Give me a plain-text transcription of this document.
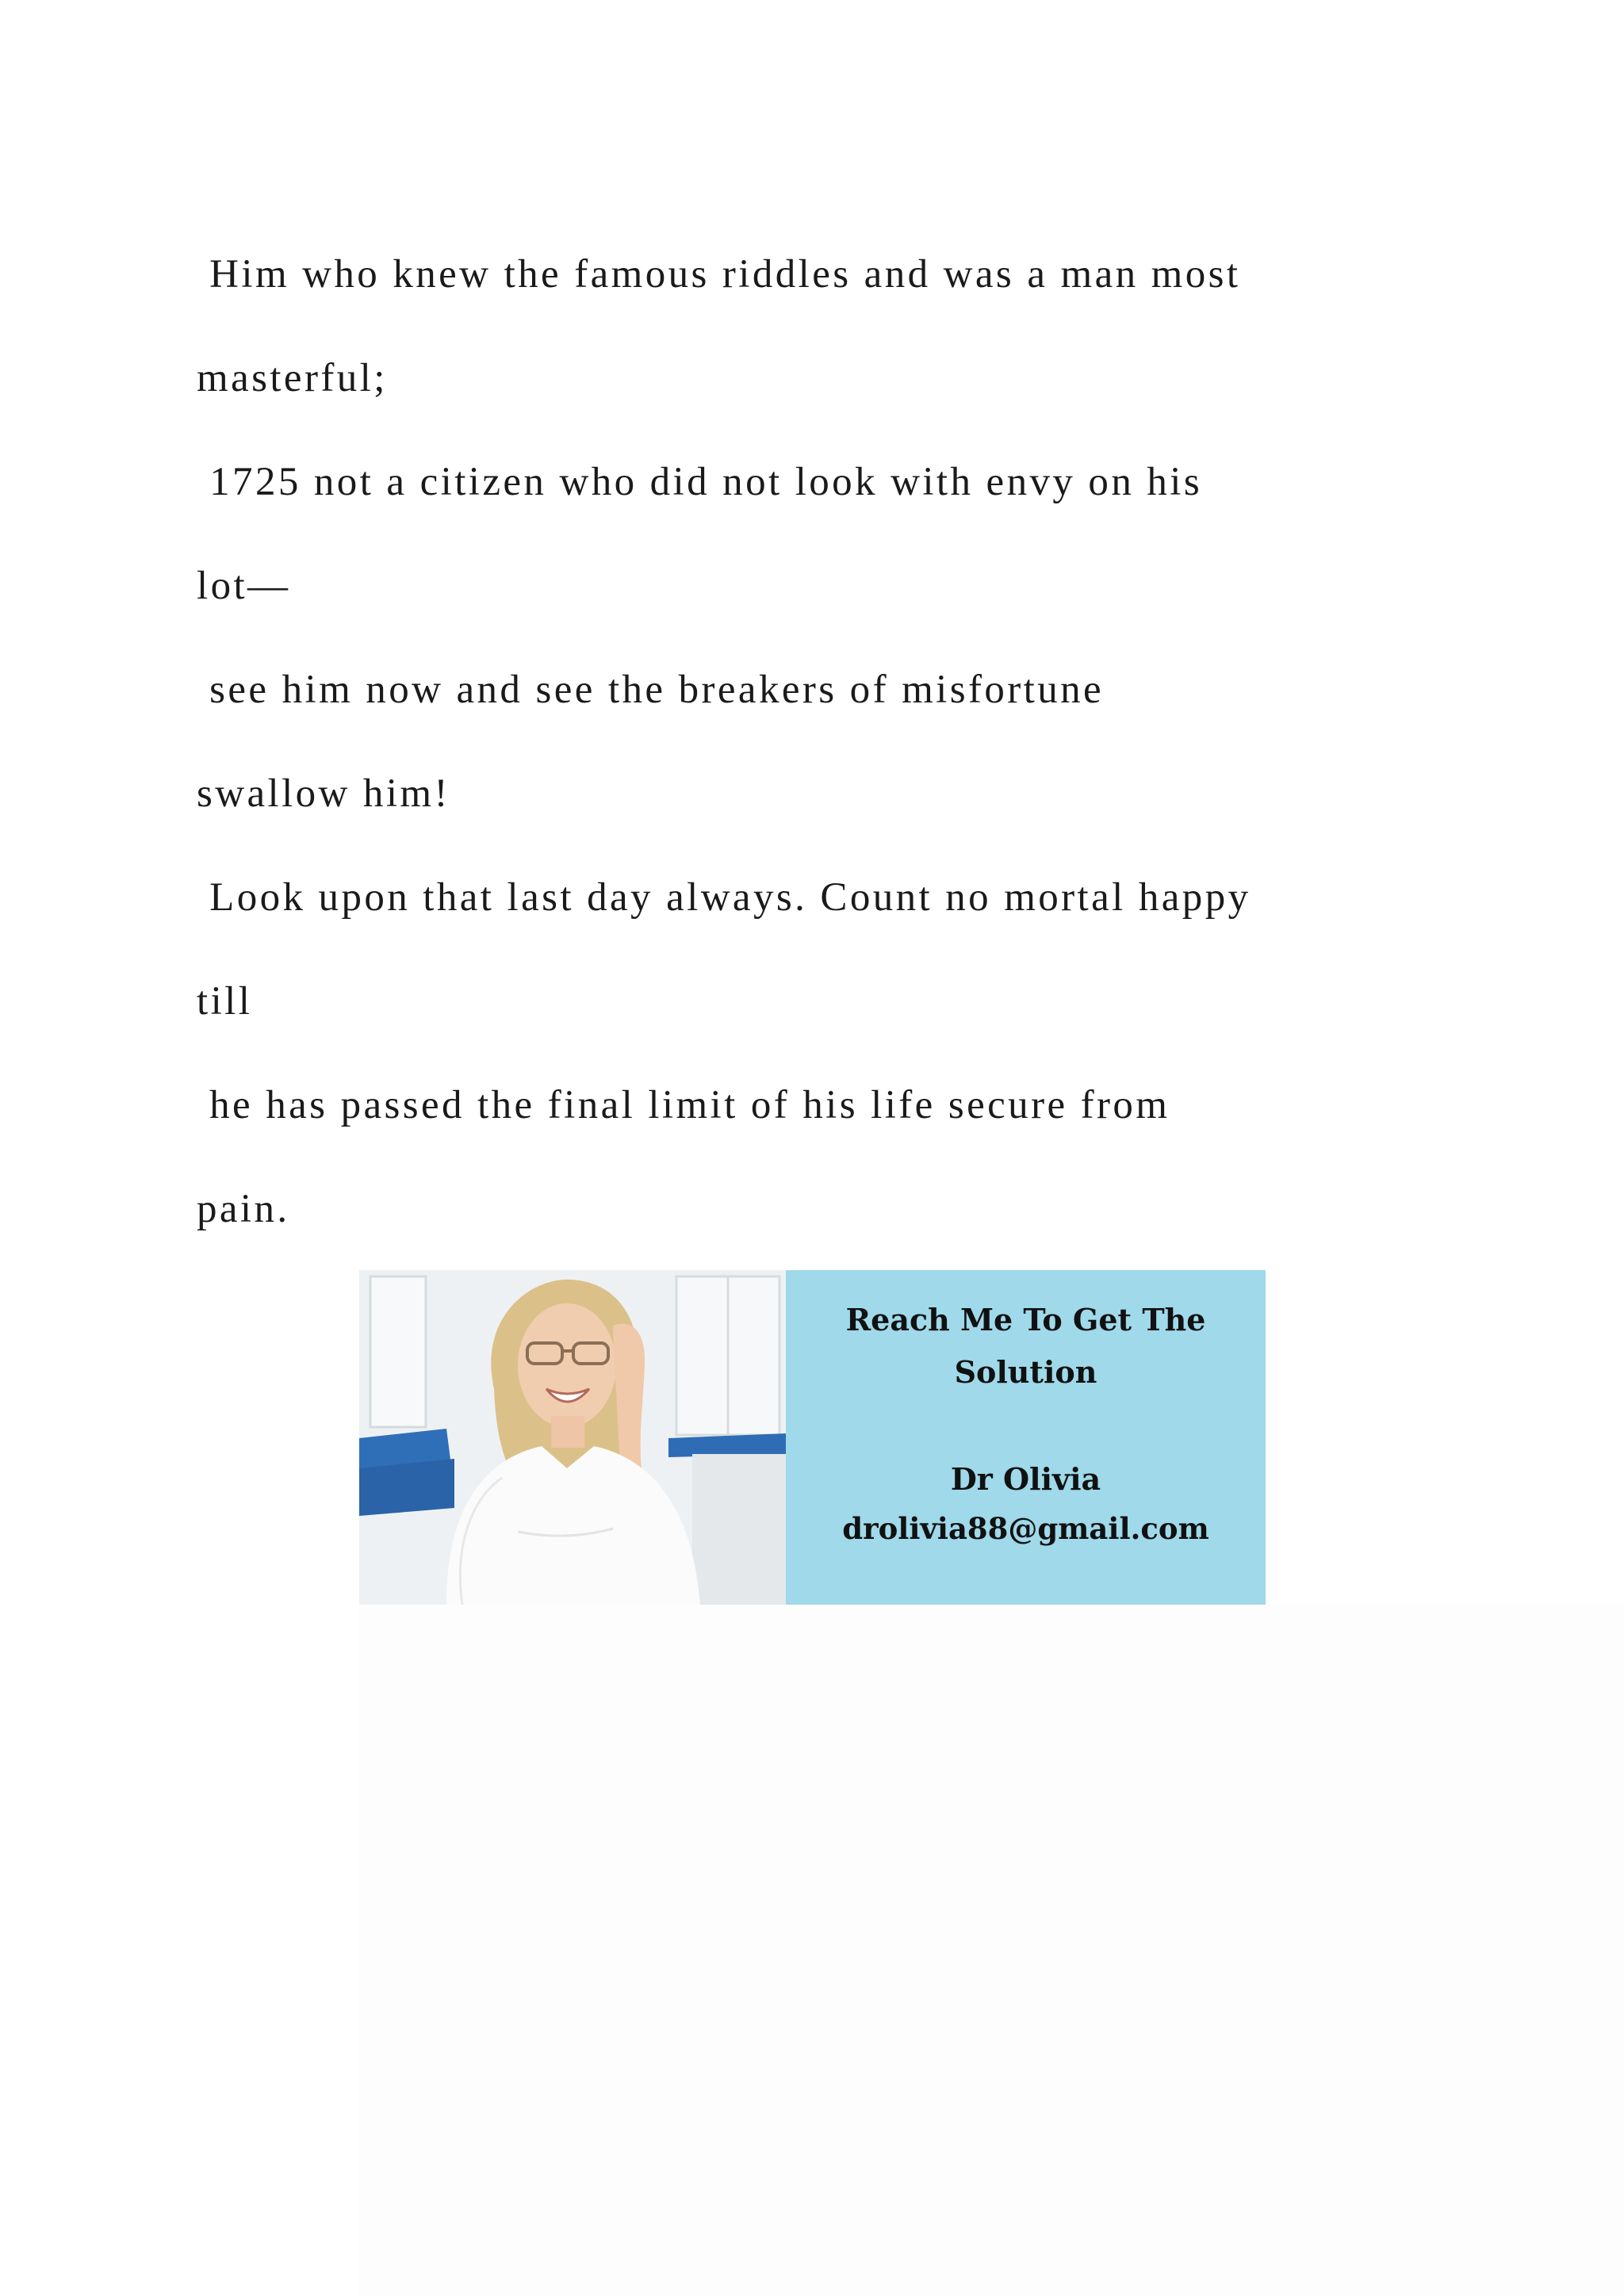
Him who knew the famous riddles and was a man most
masterful;
1725 not a citizen who did not look with envy on his
lot—
see him now and see the breakers of misfortune
swallow him!
Look upon that last day always. Count no mortal happy
till
he has passed the final limit of his life secure from
pain.
Reach Me To Get The
Solution
Dr Olivia
drolivia88@gmail.com
